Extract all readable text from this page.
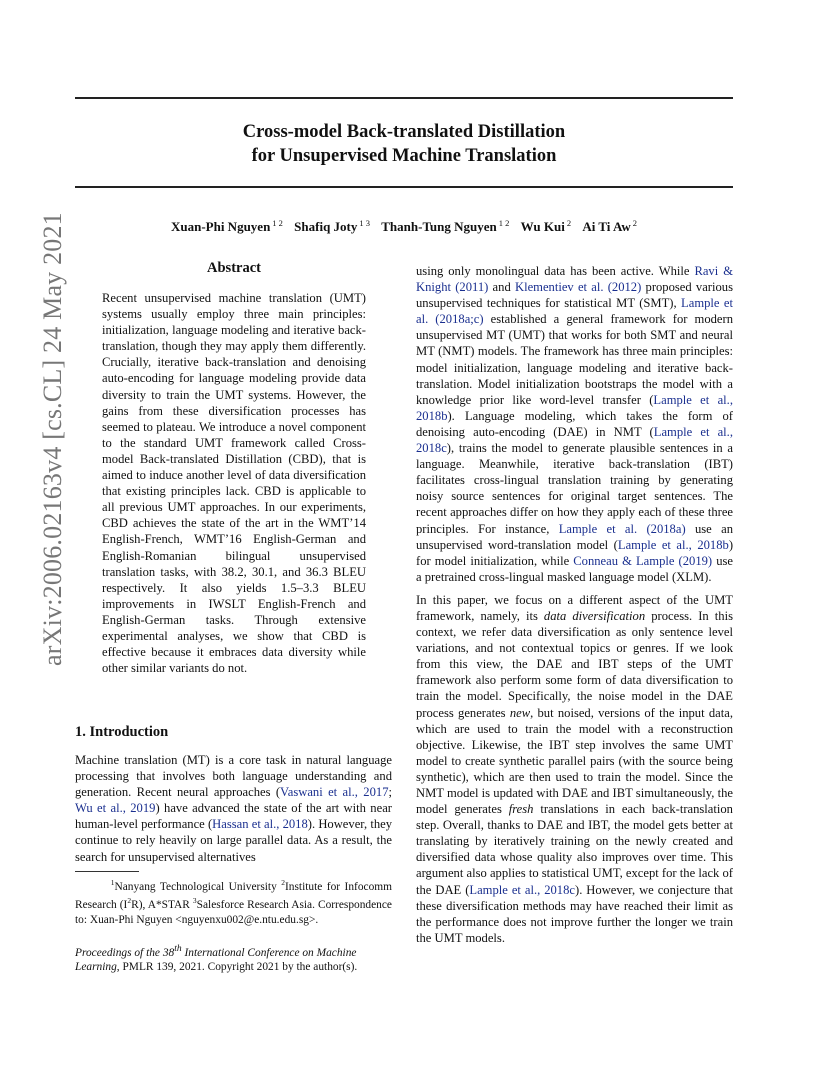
Cross-model Back-translated Distillation
for Unsupervised Machine Translation
Xuan-Phi Nguyen $^{1 2}$ Shafiq Joty $^{1 3}$ Thanh-Tung Nguyen $^{1 2}$ Wu Kui $^2$ Ai Ti Aw $^2$
arXiv:2006.02163v4 [cs.CL] 24 May 2021	Abstract

Recent unsupervised machine translation (UMT) systems usually employ three main principles: initialization, language modeling and iterative back-translation, though they may apply them differently. Crucially, iterative back-translation and denoising auto-encoding for language modeling provide data diversity to train the UMT systems. However, the gains from these diversification processes has seemed to plateau. We introduce a novel component to the standard UMT framework called Cross-model Back-translated Distillation (CBD), that is aimed to induce another level of data diversification that existing principles lack. CBD is applicable to all previous UMT approaches. In our experiments, CBD achieves the state of the art in the WMT’14 English-French, WMT’16 English-German and English-Romanian bilingual unsupervised translation tasks, with 38.2, 30.1, and 36.3 BLEU respectively. It also yields 1.5–3.3 BLEU improvements in IWSLT English-French and English-German tasks. Through extensive experimental analyses, we show that CBD is effective because it embraces data diversity while other similar variants do not.

1. Introduction

Machine translation (MT) is a core task in natural language processing that involves both language understanding and generation. Recent neural approaches (Vaswani et al., 2017; Wu et al., 2019) have advanced the state of the art with near human-level performance (Hassan et al., 2018). However, they continue to rely heavily on large parallel data. As a result, the search for unsupervised alternatives

$^1$Nanyang Technological University $^2$Institute for Infocomm Research $(I^2R)$, A*STAR $^3$Salesforce Research Asia. Correspondence to: Xuan-Phi Nguyen <nguyenxu002@e.ntu.edu.sg>.

Proceedings of the 38th International Conference on Machine Learning, PMLR 139, 2021. Copyright 2021 by the author(s).

using only monolingual data has been active. While Ravi & Knight (2011) and Klementiev et al. (2012) proposed various unsupervised techniques for statistical MT (SMT), Lample et al. (2018a;c) established a general framework for modern unsupervised MT (UMT) that works for both SMT and neural MT (NMT) models. The framework has three main principles: model initialization, language modeling and iterative back-translation. Model initialization bootstraps the model with a knowledge prior like word-level transfer (Lample et al., 2018b). Language modeling, which takes the form of denoising auto-encoding (DAE) in NMT (Lample et al., 2018c), trains the model to generate plausible sentences in a language. Meanwhile, iterative back-translation (IBT) facilitates cross-lingual translation training by generating noisy source sentences for original target sentences. The recent approaches differ on how they apply each of these three principles. For instance, Lample et al. (2018a) use an unsupervised word-translation model (Lample et al., 2018b) for model initialization, while Conneau & Lample (2019) use a pretrained cross-lingual masked language model (XLM).

In this paper, we focus on a different aspect of the UMT framework, namely, its data diversification process. In this context, we refer data diversification as only sentence level variations, and not contextual topics or genres. If we look from this view, the DAE and IBT steps of the UMT framework also perform some form of data diversification to train the model. Specifically, the noise model in the DAE process generates new, but noised, versions of the input data, which are used to train the model with a reconstruction objective. Likewise, the IBT step involves the same UMT model to create synthetic parallel pairs (with the source being synthetic), which are then used to train the model. Since the NMT model is updated with DAE and IBT simultaneously, the model generates fresh translations in each back-translation step. Overall, thanks to DAE and IBT, the model gets better at translating by iteratively training on the newly created and diversified data whose quality also improves over time. This argument also applies to statistical UMT, except for the lack of the DAE (Lample et al., 2018c). However, we conjecture that these diversification methods may have reached their limit as the performance does not improve further the longer we train the UMT models.
